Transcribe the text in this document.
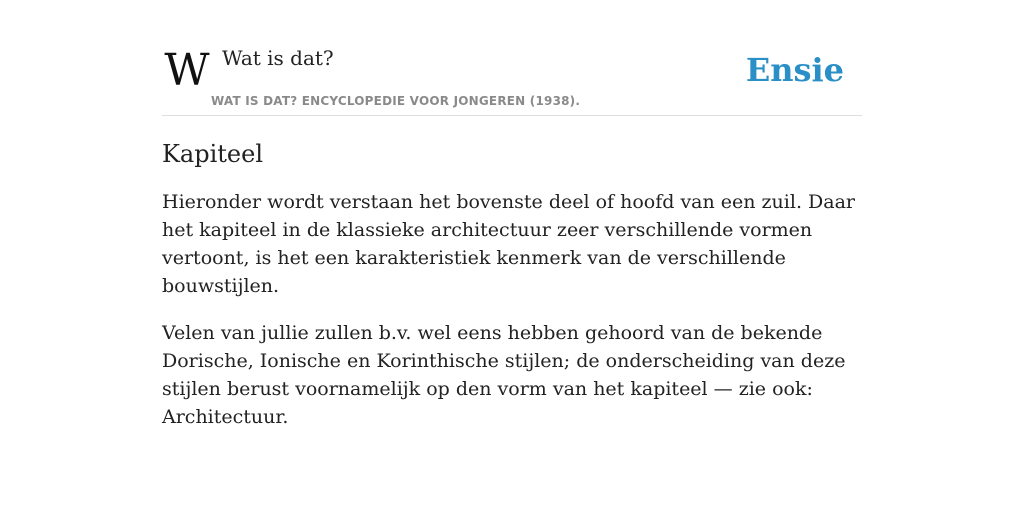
W Wat is dat?
WAT IS DAT? ENCYCLOPEDIE VOOR JONGEREN (1938).
Ensie
Kapiteel

Hieronder wordt verstaan het bovenste deel of hoofd van een zuil. Daar het kapiteel in de klassieke architectuur zeer verschillende vormen vertoont, is het een karakteristiek kenmerk van de verschillende bouwstijlen.

Velen van jullie zullen b.v. wel eens hebben gehoord van de bekende Dorische, Ionische en Korinthische stijlen; de onderscheiding van deze stijlen berust voornamelijk op den vorm van het kapiteel — zie ook: Architectuur.
